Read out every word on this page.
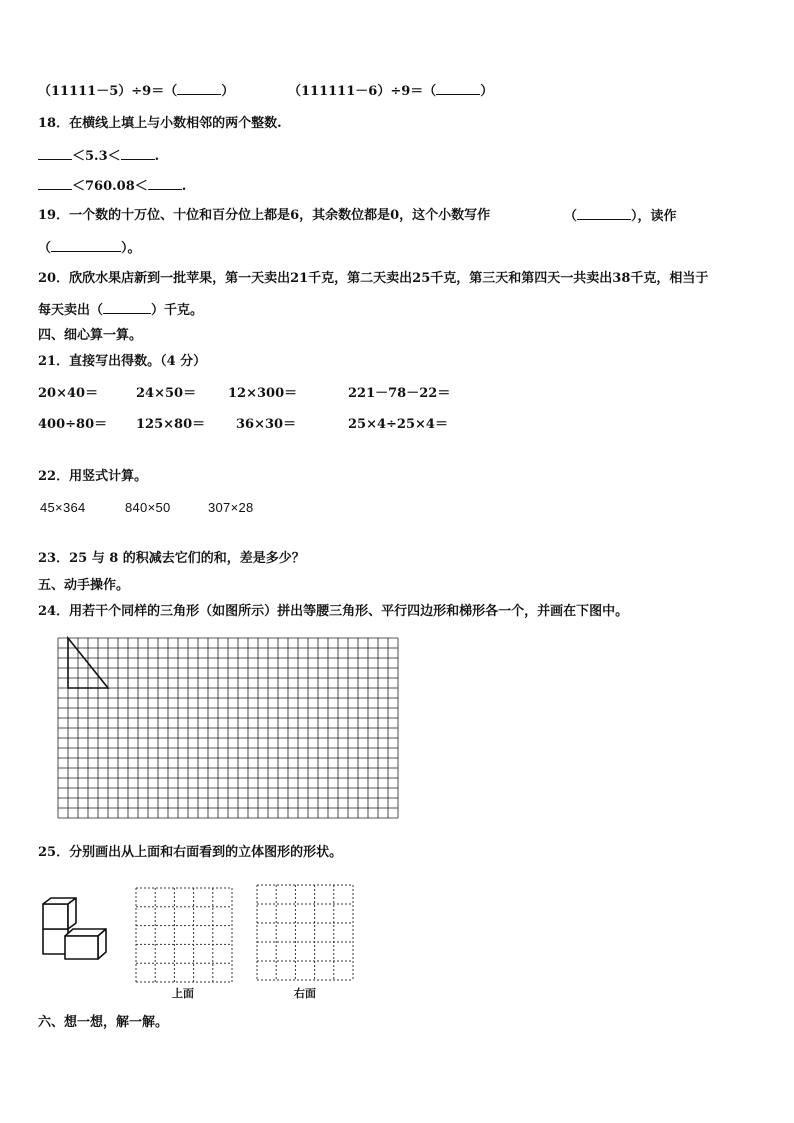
（11111－5）÷9＝（	）	（111111－6）÷9＝（	）
18．在横线上填上与小数相邻的两个整数.
＜5.3＜	.
＜760.08＜	.
19．一个数的十万位、十位和百分位上都是6，其余数位都是0，这个小数写作	（	），读作
（	）。
20．欣欣水果店新到一批苹果，第一天卖出21千克，第二天卖出25千克，第三天和第四天一共卖出38千克，相当于
每天卖出（	）千克。
四、细心算一算。
21．直接写出得数。（4 分）
20×40＝	24×50＝ 12×300＝	221－78－22＝
400÷80＝ 125×80＝ 36×30＝	25×4÷25×4＝
22．用竖式计算。
45×364	840×50	307×28
23．25 与 8 的积减去它们的和，差是多少？
五、动手操作。
24．用若干个同样的三角形（如图所示）拼出等腰三角形、平行四边形和梯形各一个，并画在下图中。
25．分别画出从上面和右面看到的立体图形的形状。
上面	右面
六、想一想，解一解。
